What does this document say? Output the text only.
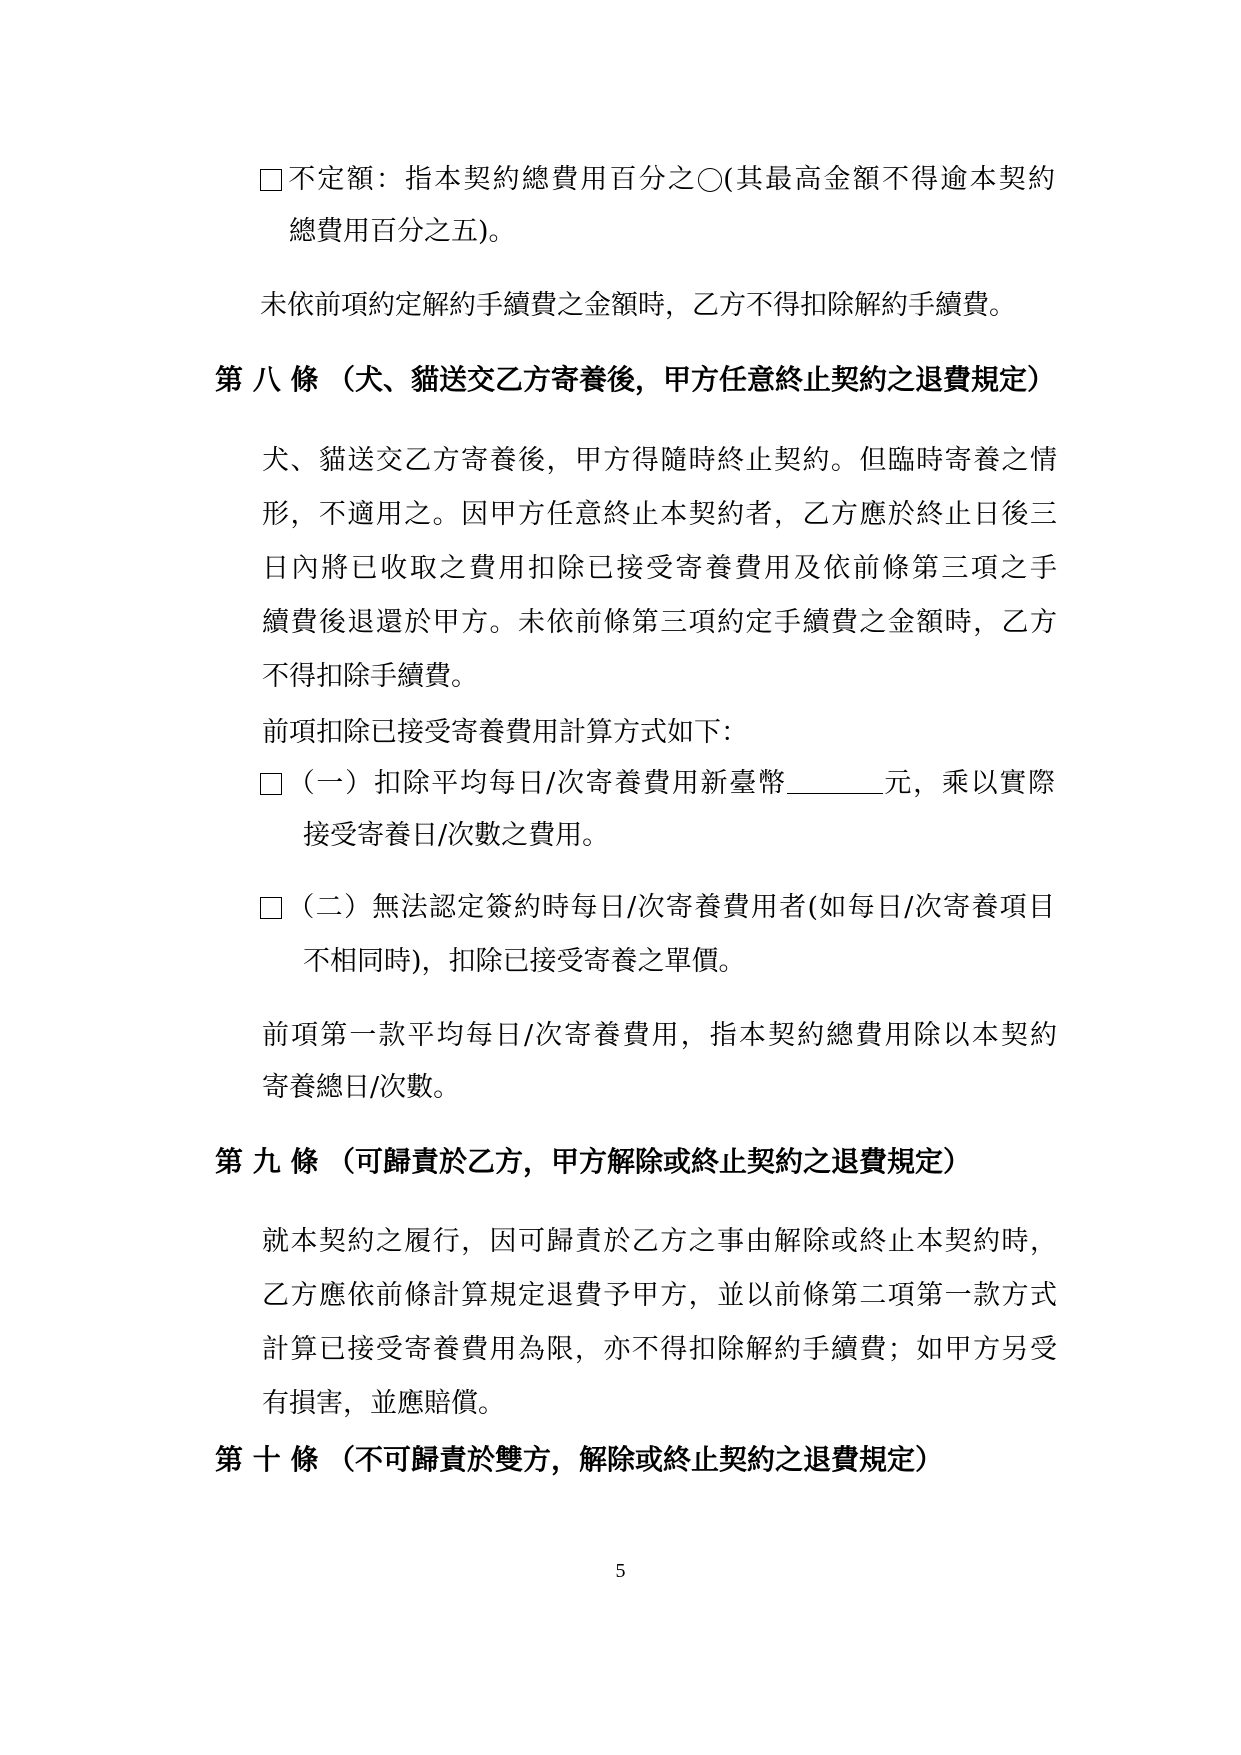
不定額：指本契約總費用百分之 (其最高金額不得逾本契約
總費用百分之五)。
未依前項約定解約手續費之金額時，乙方不得扣除解約手續費。
第 八 條 （犬、貓送交乙方寄養後，甲方任意終止契約之退費規定）
犬、貓送交乙方寄養後，甲方得隨時終止契約。但臨時寄養之情
形，不適用之。因甲方任意終止本契約者，乙方應於終止日後三
日內將已收取之費用扣除已接受寄養費用及依前條第三項之手
續費後退還於甲方。未依前條第三項約定手續費之金額時，乙方
不得扣除手續費。
前項扣除已接受寄養費用計算方式如下：
（一）扣除平均每日/次寄養費用新臺幣	元，乘以實際
接受寄養日/次數之費用。
（二）無法認定簽約時每日/次寄養費用者(如每日/次寄養項目
不相同時)，扣除已接受寄養之單價。
前項第一款平均每日/次寄養費用，指本契約總費用除以本契約
寄養總日/次數。
第 九 條 （可歸責於乙方，甲方解除或終止契約之退費規定）
就本契約之履行，因可歸責於乙方之事由解除或終止本契約時，
乙方應依前條計算規定退費予甲方，並以前條第二項第一款方式
計算已接受寄養費用為限，亦不得扣除解約手續費；如甲方另受
有損害，並應賠償。
第 十 條 （不可歸責於雙方，解除或終止契約之退費規定）
5
